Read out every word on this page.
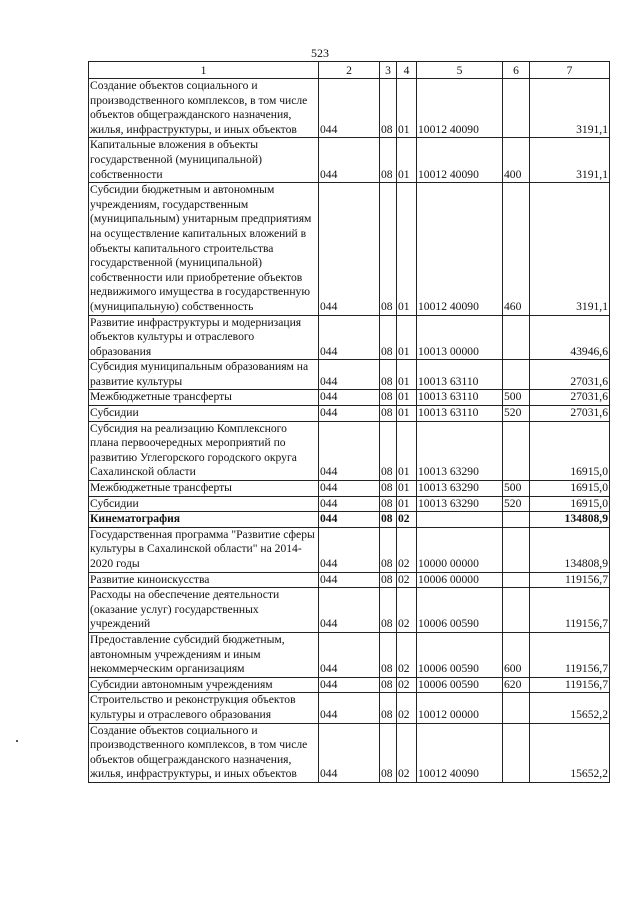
523
1	2	3	4	5	6	7
Создание объектов социального и производственного комплексов, в том числе объектов общегражданского назначения, жилья, инфраструктуры, и иных объектов	044	08	01	10012 40090		3191,1
Капитальные вложения в объекты государственной (муниципальной) собственности	044	08	01	10012 40090	400	3191,1
Субсидии бюджетным и автономным учреждениям, государственным (муниципальным) унитарным предприятиям на осуществление капитальных вложений в объекты капитального строительства государственной (муниципальной) собственности или приобретение объектов недвижимого имущества в государственную (муниципальную) собственность	044	08	01	10012 40090	460	3191,1
Развитие инфраструктуры и модернизация объектов культуры и отраслевого образования	044	08	01	10013 00000		43946,6
Субсидия муниципальным образованиям на развитие культуры	044	08	01	10013 63110		27031,6
Межбюджетные трансферты	044	08	01	10013 63110	500	27031,6
Субсидии	044	08	01	10013 63110	520	27031,6
Субсидия на реализацию Комплексного плана первоочередных мероприятий по развитию Углегорского городского округа Сахалинской области	044	08	01	10013 63290		16915,0
Межбюджетные трансферты	044	08	01	10013 63290	500	16915,0
Субсидии	044	08	01	10013 63290	520	16915,0
Кинематография	044	08	02			134808,9
Государственная программа "Развитие сферы культуры в Сахалинской области" на 2014-2020 годы	044	08	02	10000 00000		134808,9
Развитие киноискусства	044	08	02	10006 00000		119156,7
Расходы на обеспечение деятельности (оказание услуг) государственных учреждений	044	08	02	10006 00590		119156,7
Предоставление субсидий бюджетным, автономным учреждениям и иным некоммерческим организациям	044	08	02	10006 00590	600	119156,7
Субсидии автономным учреждениям	044	08	02	10006 00590	620	119156,7
Строительство и реконструкция объектов культуры и отраслевого образования	044	08	02	10012 00000		15652,2
Создание объектов социального и производственного комплексов, в том числе объектов общегражданского назначения, жилья, инфраструктуры, и иных объектов	044	08	02	10012 40090		15652,2
